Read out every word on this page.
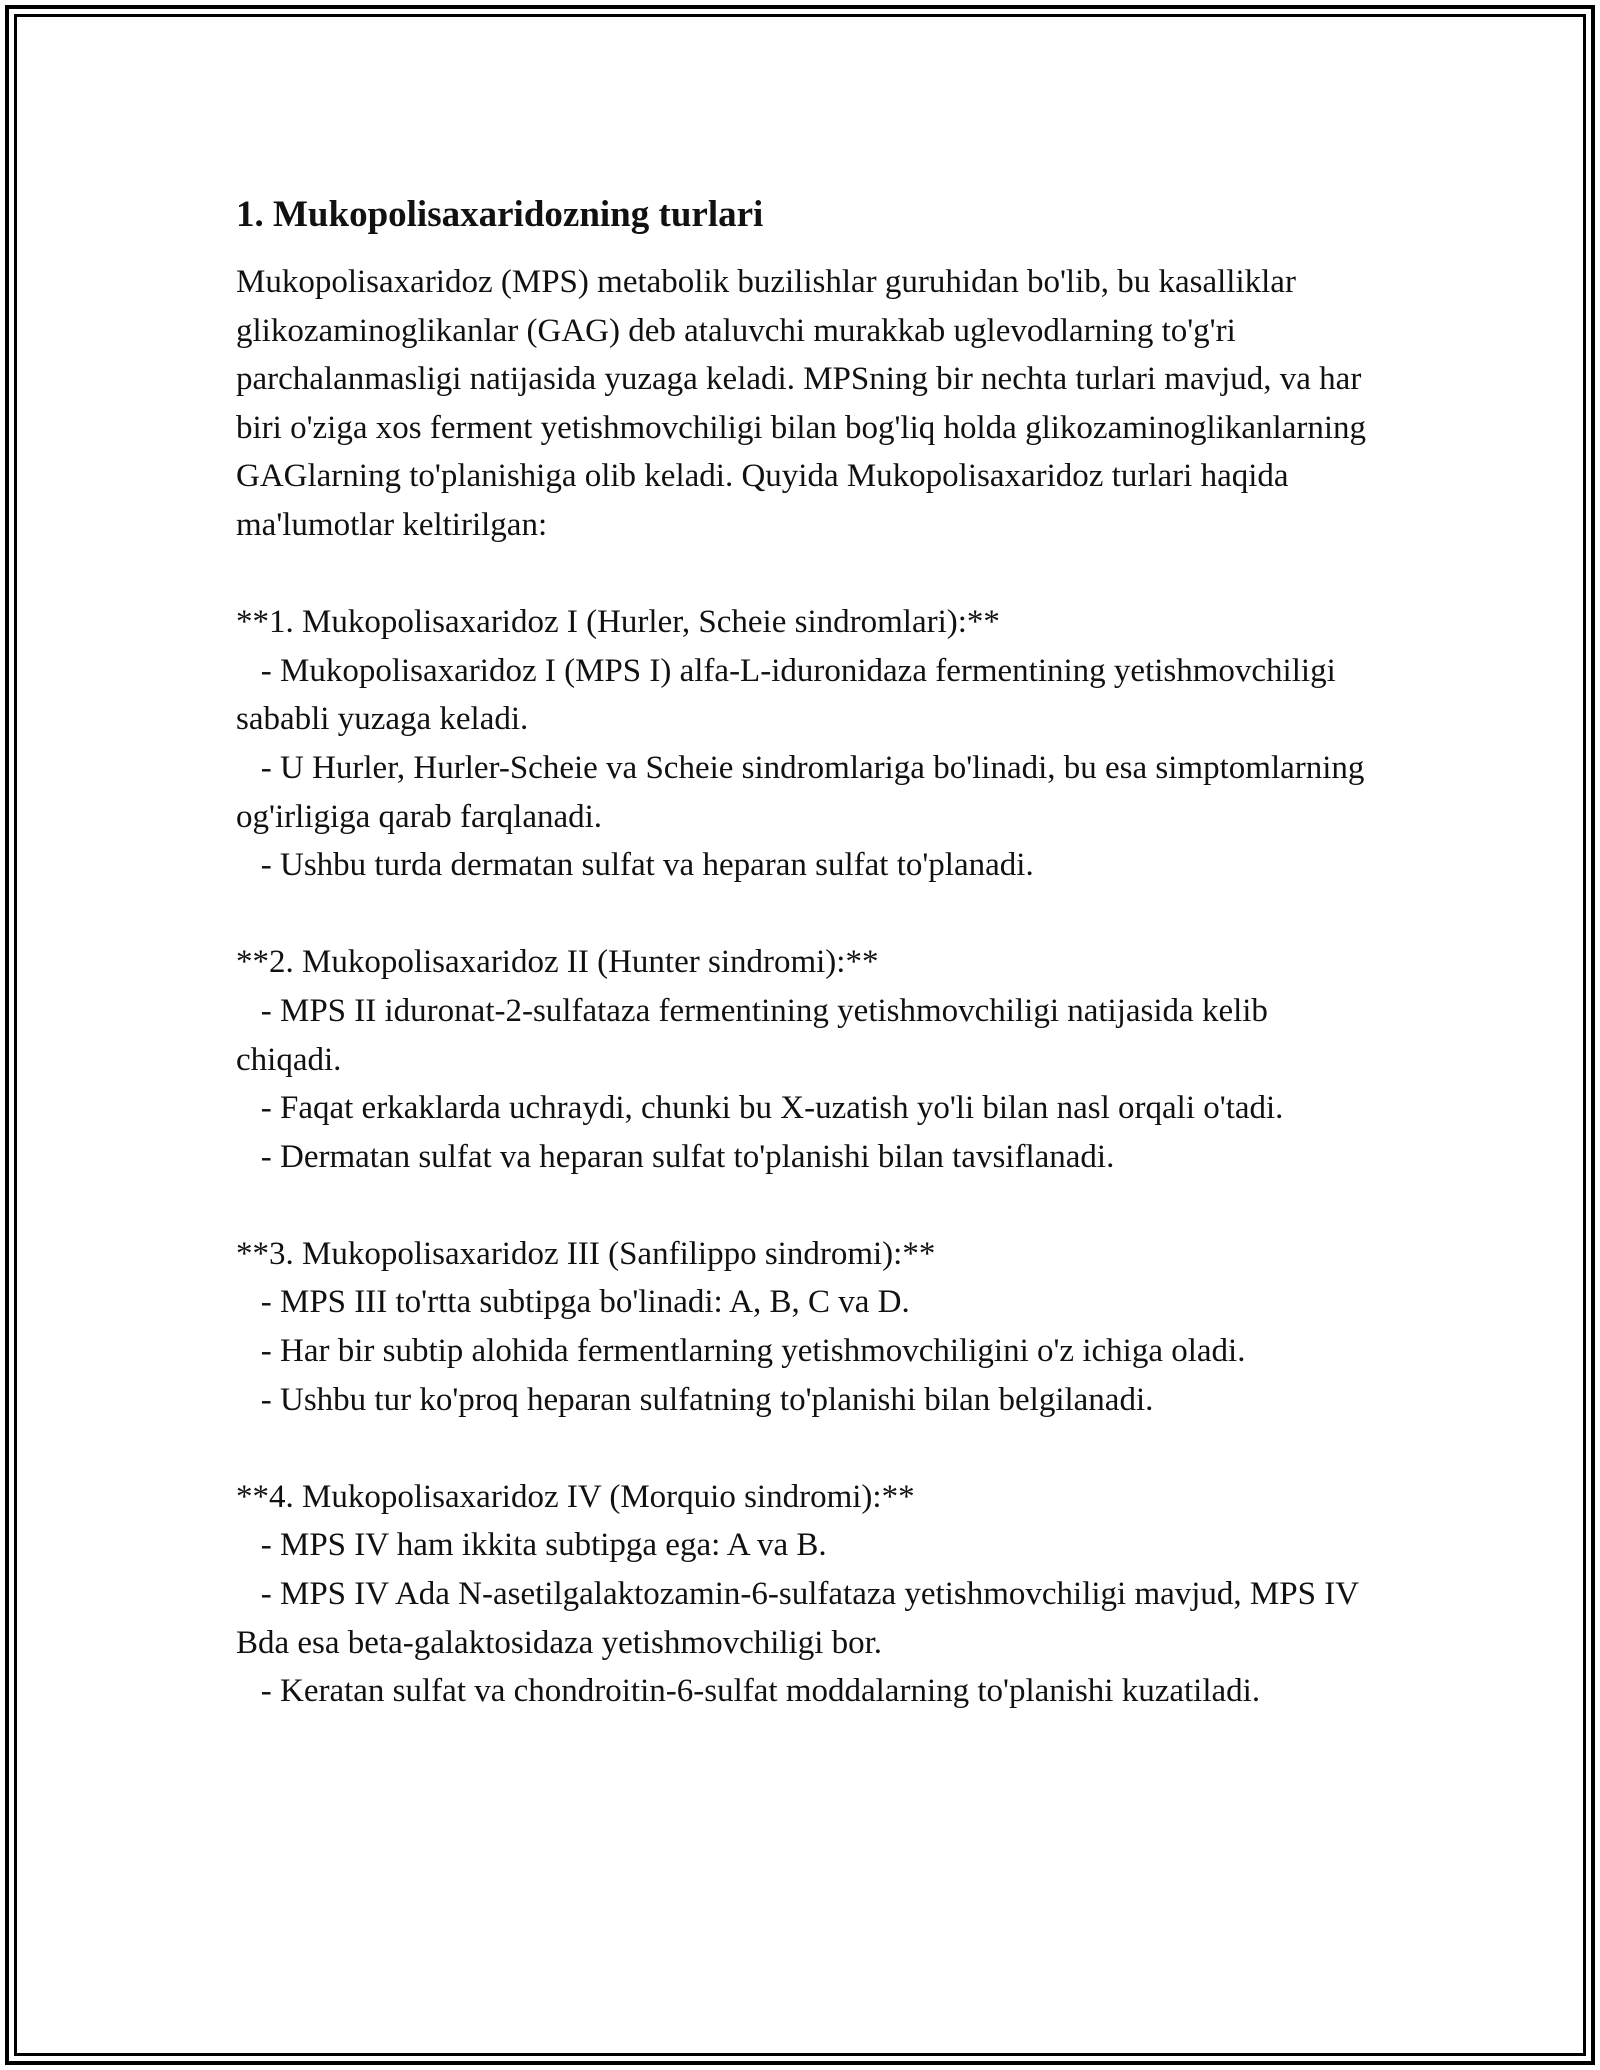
1. Mukopolisaxaridozning turlari

Mukopolisaxaridoz (MPS) metabolik buzilishlar guruhidan bo'lib, bu kasalliklar glikozaminoglikanlar (GAG) deb ataluvchi murakkab uglevodlarning to'g'ri parchalanmasligi natijasida yuzaga keladi. MPSning bir nechta turlari mavjud, va har biri o'ziga xos ferment yetishmovchiligi bilan bog'liq holda glikozaminoglikanlarning GAGlarning to'planishiga olib keladi. Quyida Mukopolisaxaridoz turlari haqida ma'lumotlar keltirilgan:

**1. Mukopolisaxaridoz I (Hurler, Scheie sindromlari):**

- Mukopolisaxaridoz I (MPS I) alfa-L-iduronidaza fermentining yetishmovchiligi sababli yuzaga keladi.

- U Hurler, Hurler-Scheie va Scheie sindromlariga bo'linadi, bu esa simptomlarning og'irligiga qarab farqlanadi.

- Ushbu turda dermatan sulfat va heparan sulfat to'planadi.

**2. Mukopolisaxaridoz II (Hunter sindromi):**

- MPS II iduronat-2-sulfataza fermentining yetishmovchiligi natijasida kelib chiqadi.

- Faqat erkaklarda uchraydi, chunki bu X-uzatish yo'li bilan nasl orqali o'tadi.

- Dermatan sulfat va heparan sulfat to'planishi bilan tavsiflanadi.

**3. Mukopolisaxaridoz III (Sanfilippo sindromi):**

- MPS III to'rtta subtipga bo'linadi: A, B, C va D.

- Har bir subtip alohida fermentlarning yetishmovchiligini o'z ichiga oladi.

- Ushbu tur ko'proq heparan sulfatning to'planishi bilan belgilanadi.

**4. Mukopolisaxaridoz IV (Morquio sindromi):**

- MPS IV ham ikkita subtipga ega: A va B.

- MPS IV Ada N-asetilgalaktozamin-6-sulfataza yetishmovchiligi mavjud, MPS IV Bda esa beta-galaktosidaza yetishmovchiligi bor.

- Keratan sulfat va chondroitin-6-sulfat moddalarning to'planishi kuzatiladi.
